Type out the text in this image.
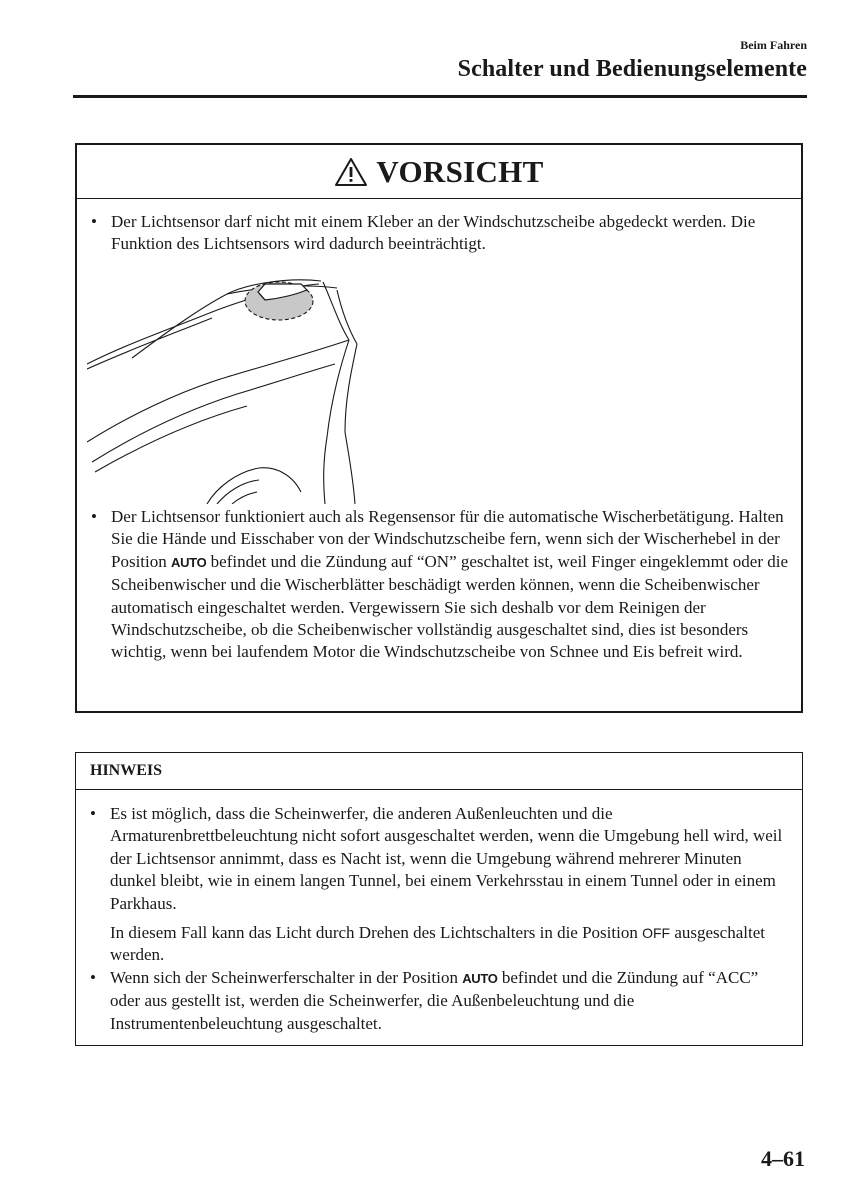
Beim Fahren
Schalter und Bedienungselemente
VORSICHT
• Der Lichtsensor darf nicht mit einem Kleber an der Windschutzscheibe abgedeckt werden. Die Funktion des Lichtsensors wird dadurch beeinträchtigt.
• Der Lichtsensor funktioniert auch als Regensensor für die automatische Wischerbetätigung. Halten Sie die Hände und Eisschaber von der Windschutzscheibe fern, wenn sich der Wischerhebel in der Position AUTO befindet und die Zündung auf “ON” geschaltet ist, weil Finger eingeklemmt oder die Scheibenwischer und die Wischerblätter beschädigt werden können, wenn die Scheibenwischer automatisch eingeschaltet werden. Vergewissern Sie sich deshalb vor dem Reinigen der Windschutzscheibe, ob die Scheibenwischer vollständig ausgeschaltet sind, dies ist besonders wichtig, wenn bei laufendem Motor die Windschutzscheibe von Schnee und Eis befreit wird.
HINWEIS
• Es ist möglich, dass die Scheinwerfer, die anderen Außenleuchten und die Armaturenbrettbeleuchtung nicht sofort ausgeschaltet werden, wenn die Umgebung hell wird, weil der Lichtsensor annimmt, dass es Nacht ist, wenn die Umgebung während mehrerer Minuten dunkel bleibt, wie in einem langen Tunnel, bei einem Verkehrsstau in einem Tunnel oder in einem Parkhaus.

In diesem Fall kann das Licht durch Drehen des Lichtschalters in die Position OFF ausgeschaltet werden.

• Wenn sich der Scheinwerferschalter in der Position AUTO befindet und die Zündung auf “ACC” oder aus gestellt ist, werden die Scheinwerfer, die Außenbeleuchtung und die Instrumentenbeleuchtung ausgeschaltet.
4–61
